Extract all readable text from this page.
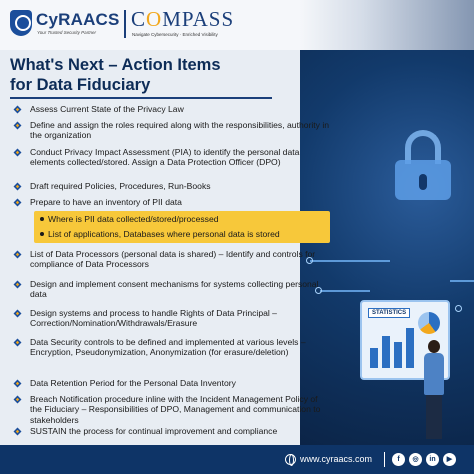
CyRAACS
Your Trusted Security Partner
COMPASS
Navigate Cybersecurity · Enriched Visibility
STATISTICS
What's Next – Action Items
for Data Fiduciary
Assess Current State of the Privacy Law
Define and assign the roles required along with the responsibilities, authority in the organization
Conduct Privacy Impact Assessment (PIA) to identify the personal data elements collected/stored. Assign a Data Protection Officer (DPO)
Draft required Policies, Procedures, Run-Books
Prepare to have an inventory of PII data
Where is PII data collected/stored/processed
List of applications, Databases where personal data is stored
List of Data Processors (personal data is shared) – Identify and controls for compliance of Data Processors
Design and implement consent mechanisms for systems collecting personal data
Design systems and process to handle Rights of Data Principal – Correction/Nomination/Withdrawals/Erasure
Data Security controls to be defined and implemented at various levels – Encryption, Pseudonymization, Anonymization (for erasure/deletion)
Data Retention Period for the Personal Data Inventory
Breach Notification procedure inline with the Incident Management Policy of the Fiduciary – Responsibilities of DPO, Management and communication to stakeholders
SUSTAIN the process for continual improvement and compliance
www.cyraacs.com	f	◎	in	▶
